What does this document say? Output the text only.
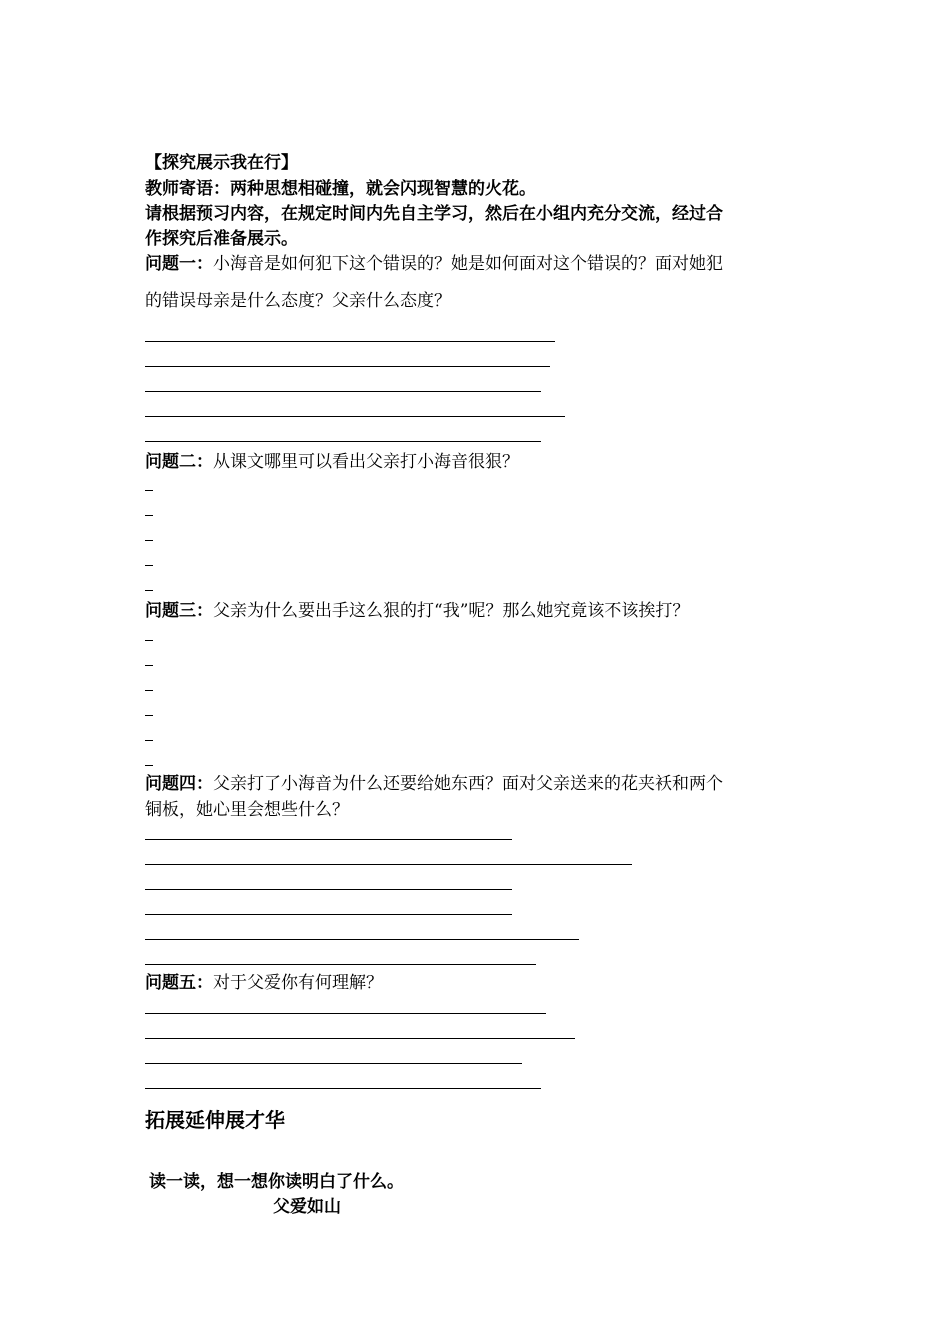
【探究展示我在行】
教师寄语：两种思想相碰撞，就会闪现智慧的火花。
请根据预习内容，在规定时间内先自主学习，然后在小组内充分交流，经过合
作探究后准备展示。
问题一：小海音是如何犯下这个错误的？她是如何面对这个错误的？面对她犯
的错误母亲是什么态度？父亲什么态度？
问题二：从课文哪里可以看出父亲打小海音很狠？
问题三：父亲为什么要出手这么狠的打“我”呢？那么她究竟该不该挨打？
问题四：父亲打了小海音为什么还要给她东西？面对父亲送来的花夹袄和两个
铜板，她心里会想些什么？
问题五：对于父爱你有何理解？
拓展延伸展才华
读一读，想一想你读明白了什么。
父爱如山
